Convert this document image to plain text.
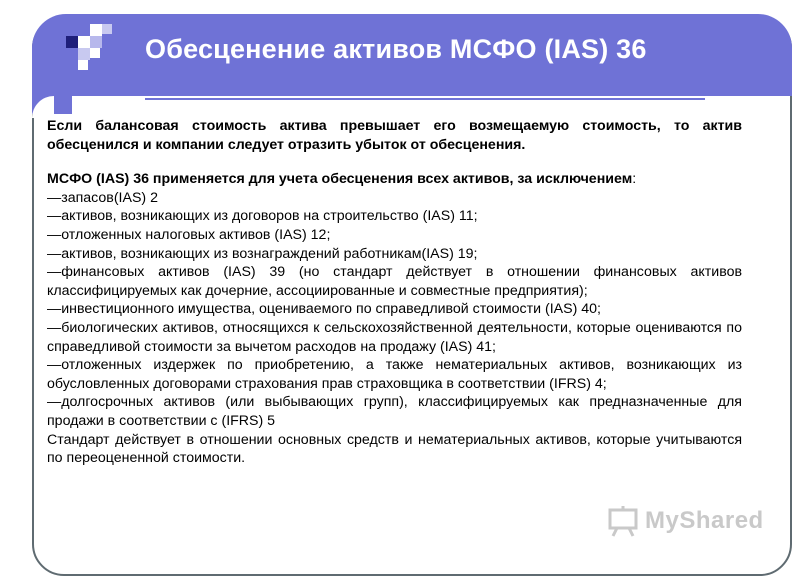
Обесценение активов МСФО (IAS) 36

Если балансовая стоимость актива превышает его возмещаемую стоимость, то актив обесценился и компании следует отразить убыток от обесценения.

МСФО (IAS) 36 применяется для учета обесценения всех активов, за исключением:

—запасов(IAS) 2

—активов, возникающих из договоров на строительство (IAS) 11;

—отложенных налоговых активов (IAS) 12;

—активов, возникающих из вознаграждений работникам(IAS) 19;

—финансовых активов (IAS) 39 (но стандарт действует в отношении финансовых активов классифицируемых как дочерние, ассоциированные и совместные предприятия);

—инвестиционного имущества, оцениваемого по справедливой стоимости (IAS) 40;

—биологических активов, относящихся к сельскохозяйственной деятельности, которые оцениваются по справедливой стоимости за вычетом расходов на продажу (IAS) 41;

—отложенных издержек по приобретению, а также нематериальных активов, возникающих из обусловленных договорами страхования прав страховщика в соответствии (IFRS) 4;

—долгосрочных активов (или выбывающих групп), классифицируемых как предназначенные для продажи в соответствии с (IFRS) 5

Стандарт действует в отношении основных средств и нематериальных активов, которые учитываются по переоцененной стоимости.

MyShared
